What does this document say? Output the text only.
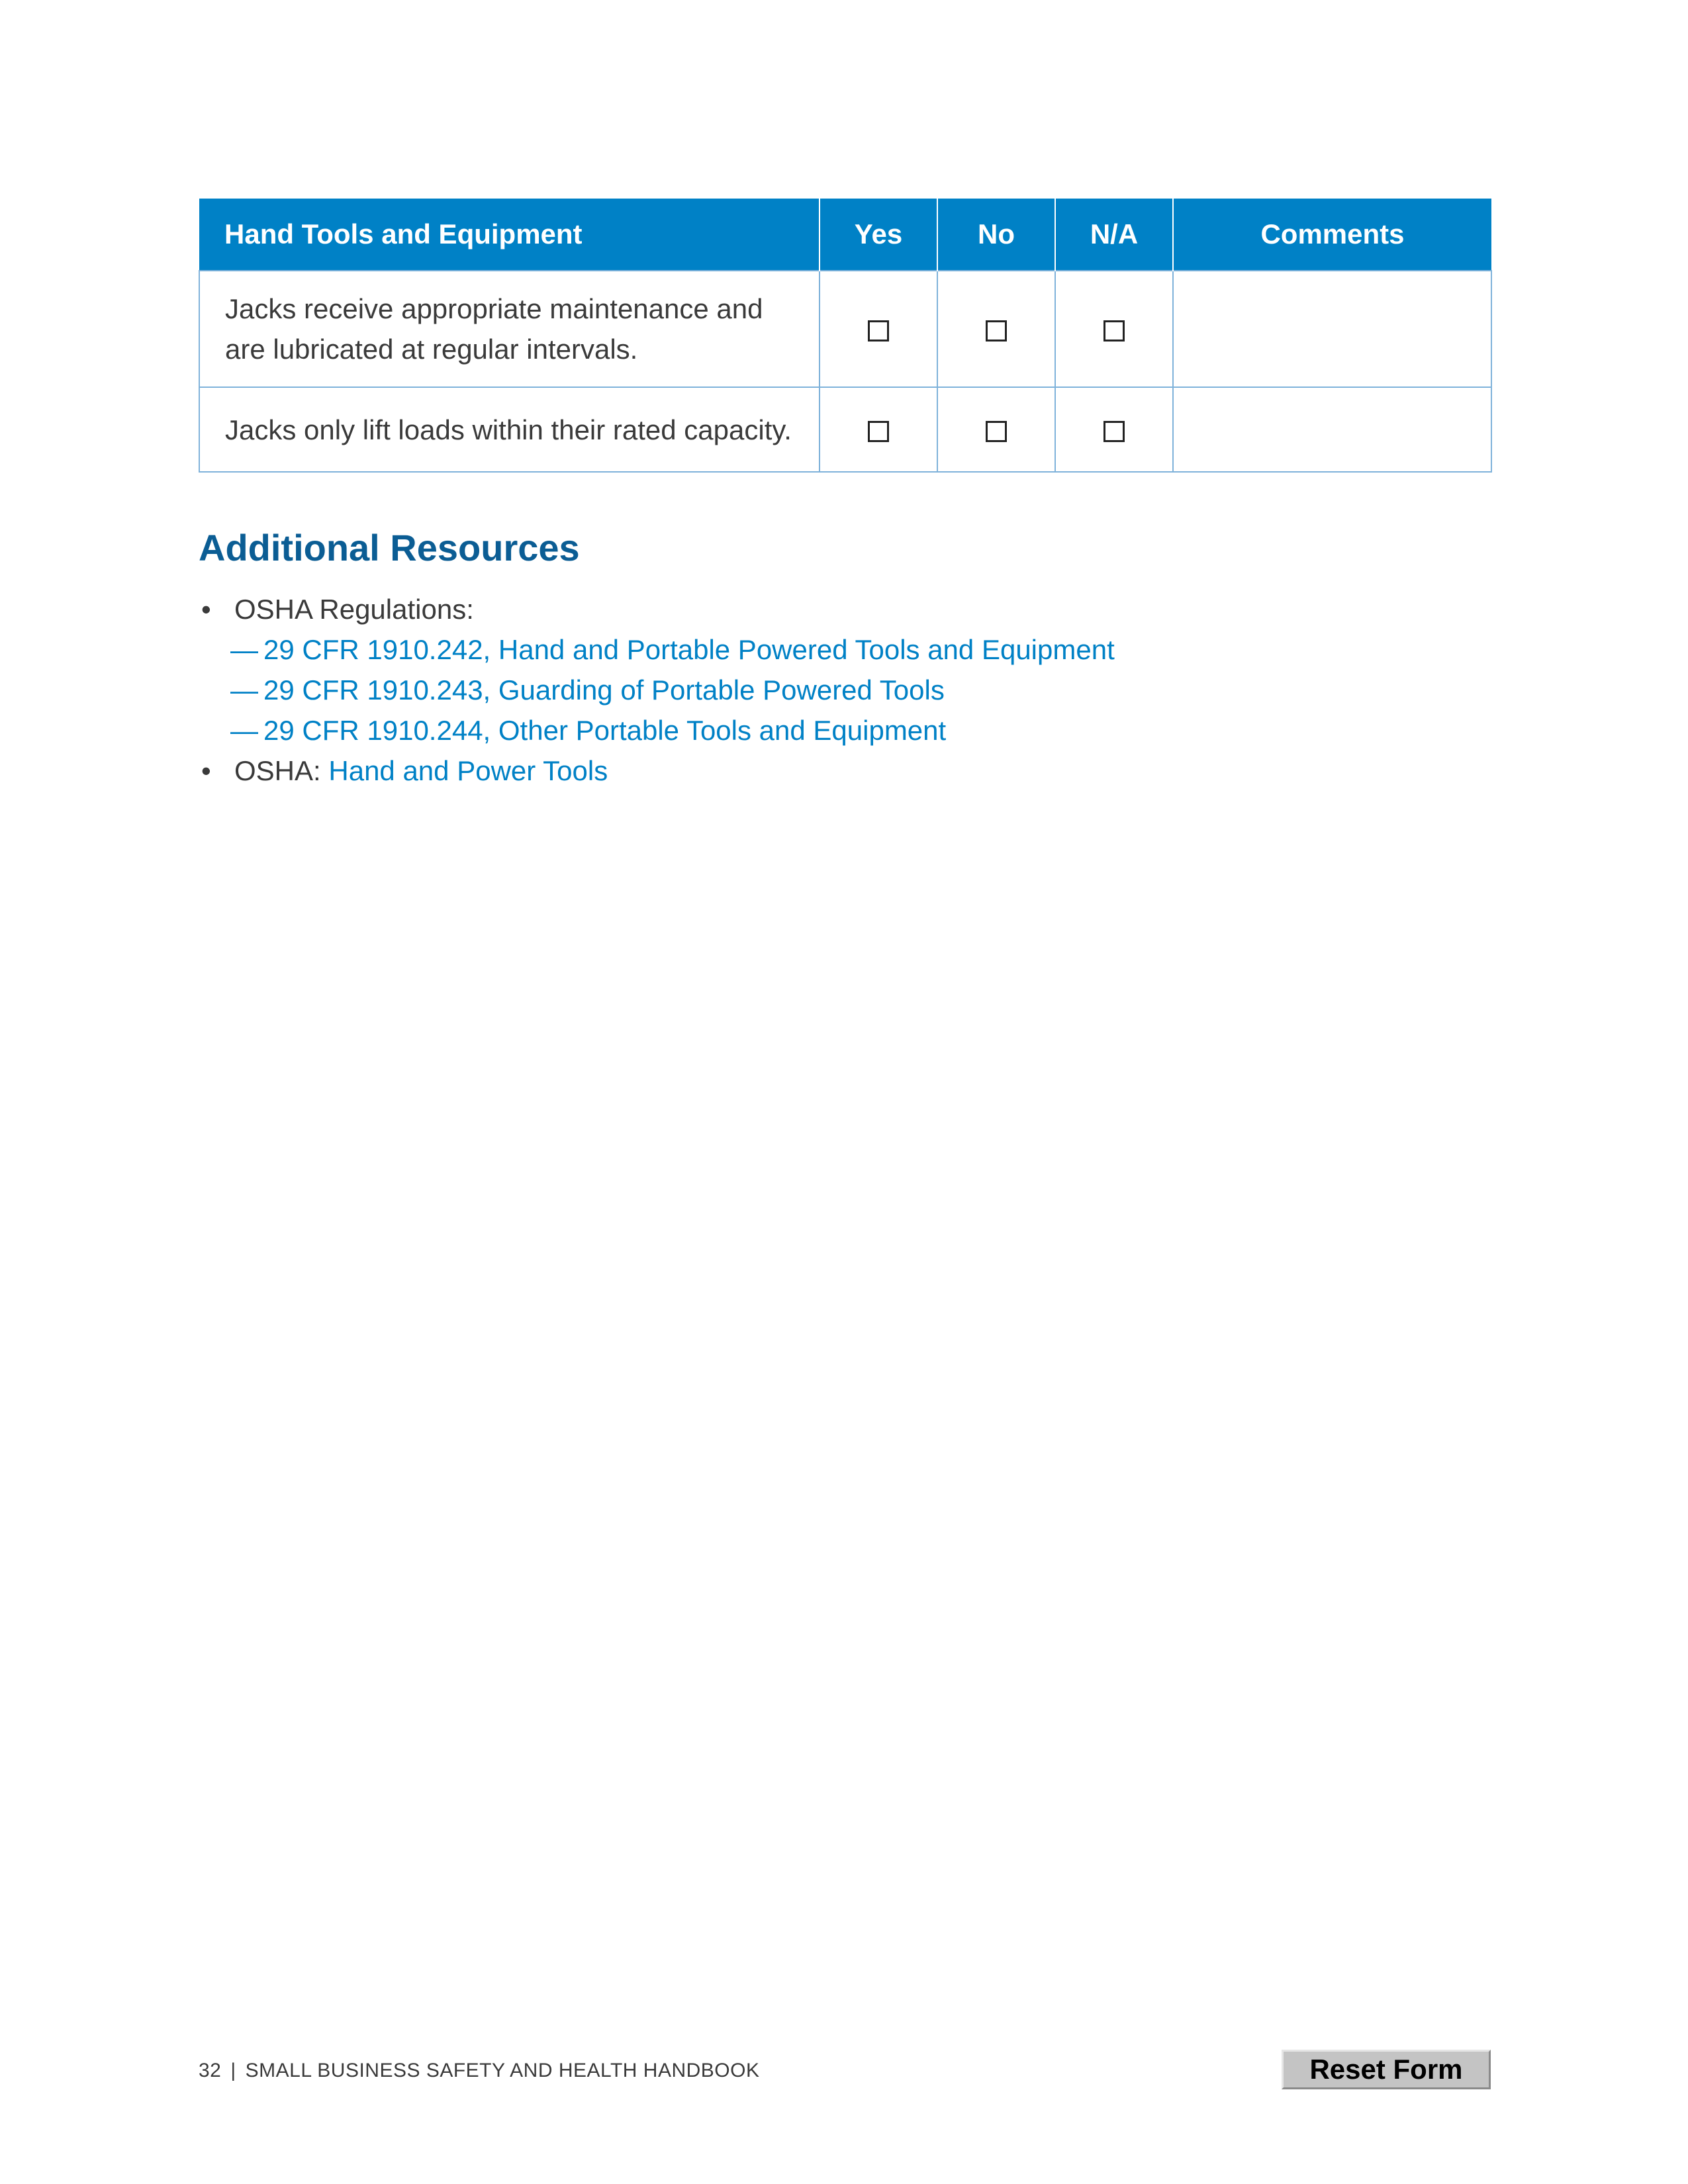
Hand Tools and Equipment	Yes	No	N/A	Comments
Jacks receive appropriate maintenance and are lubricated at regular intervals.				
Jacks only lift loads within their rated capacity.				
Additional Resources
• OSHA Regulations:
— 29 CFR 1910.242, Hand and Portable Powered Tools and Equipment
— 29 CFR 1910.243, Guarding of Portable Powered Tools
— 29 CFR 1910.244, Other Portable Tools and Equipment
• OSHA: Hand and Power Tools
32 | SMALL BUSINESS SAFETY AND HEALTH HANDBOOK	Reset Form
